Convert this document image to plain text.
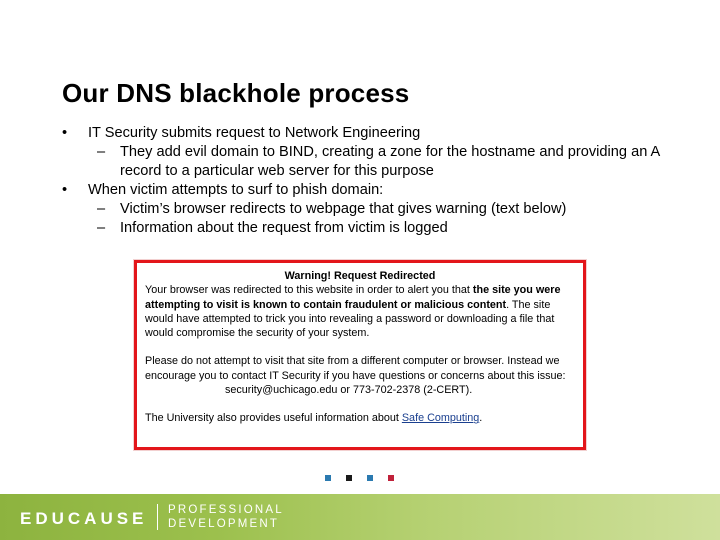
Our DNS blackhole process
• IT Security submits request to Network Engineering
– They add evil domain to BIND, creating a zone for the hostname and providing an A record to a particular web server for this purpose
• When victim attempts to surf to phish domain:
– Victim’s browser redirects to webpage that gives warning (text below)
– Information about the request from victim is logged
Warning! Request Redirected

Your browser was redirected to this website in order to alert you that the site you were attempting to visit is known to contain fraudulent or malicious content. The site would have attempted to trick you into revealing a password or downloading a file that would compromise the security of your system.

Please do not attempt to visit that site from a different computer or browser. Instead we encourage you to contact IT Security if you have questions or concerns about this issue:

security@uchicago.edu or 773-702-2378 (2-CERT).

The University also provides useful information about Safe Computing.

EDUCAUSE PROFESSIONAL
DEVELOPMENT
